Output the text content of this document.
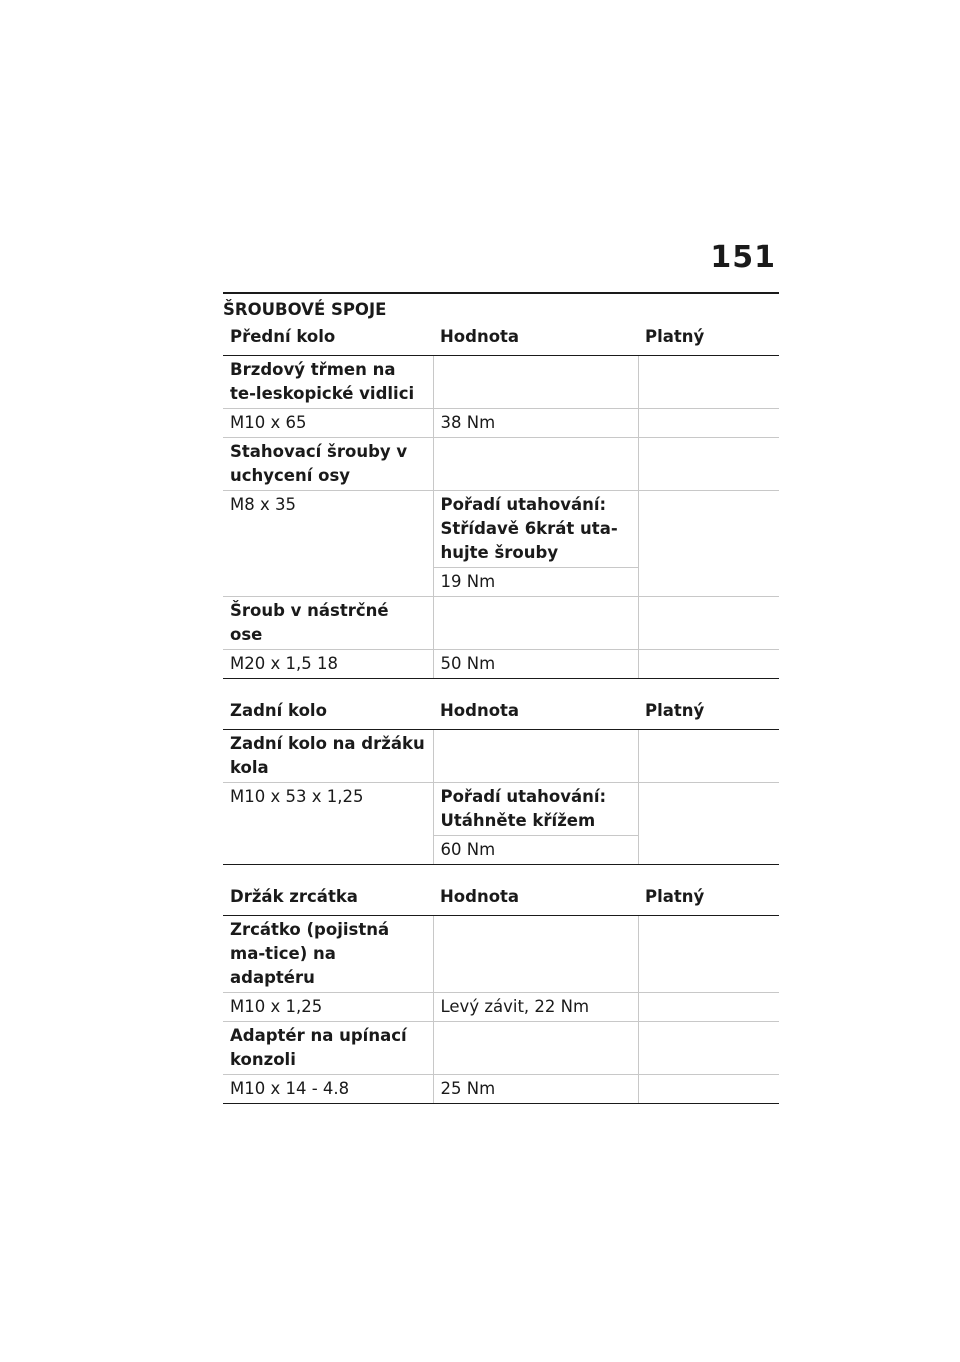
151
ŠROUBOVÉ SPOJE
Přední kolo	Hodnota	Platný
Brzdový třmen na te-leskopické vidlici		
M10 x 65	38 Nm	
Stahovací šrouby v uchycení osy		
M8 x 35	Pořadí utahování: Střídavě 6krát uta-hujte šrouby	
	19 Nm	
Šroub v nástrčné ose		
M20 x 1,5 18	50 Nm	
Zadní kolo	Hodnota	Platný
Zadní kolo na držáku kola		
M10 x 53 x 1,25	Pořadí utahování: Utáhněte křížem	
	60 Nm	
Držák zrcátka	Hodnota	Platný
Zrcátko (pojistná ma-tice) na adaptéru		
M10 x 1,25	Levý závit, 22 Nm	
Adaptér na upínací konzoli		
M10 x 14 - 4.8	25 Nm	
